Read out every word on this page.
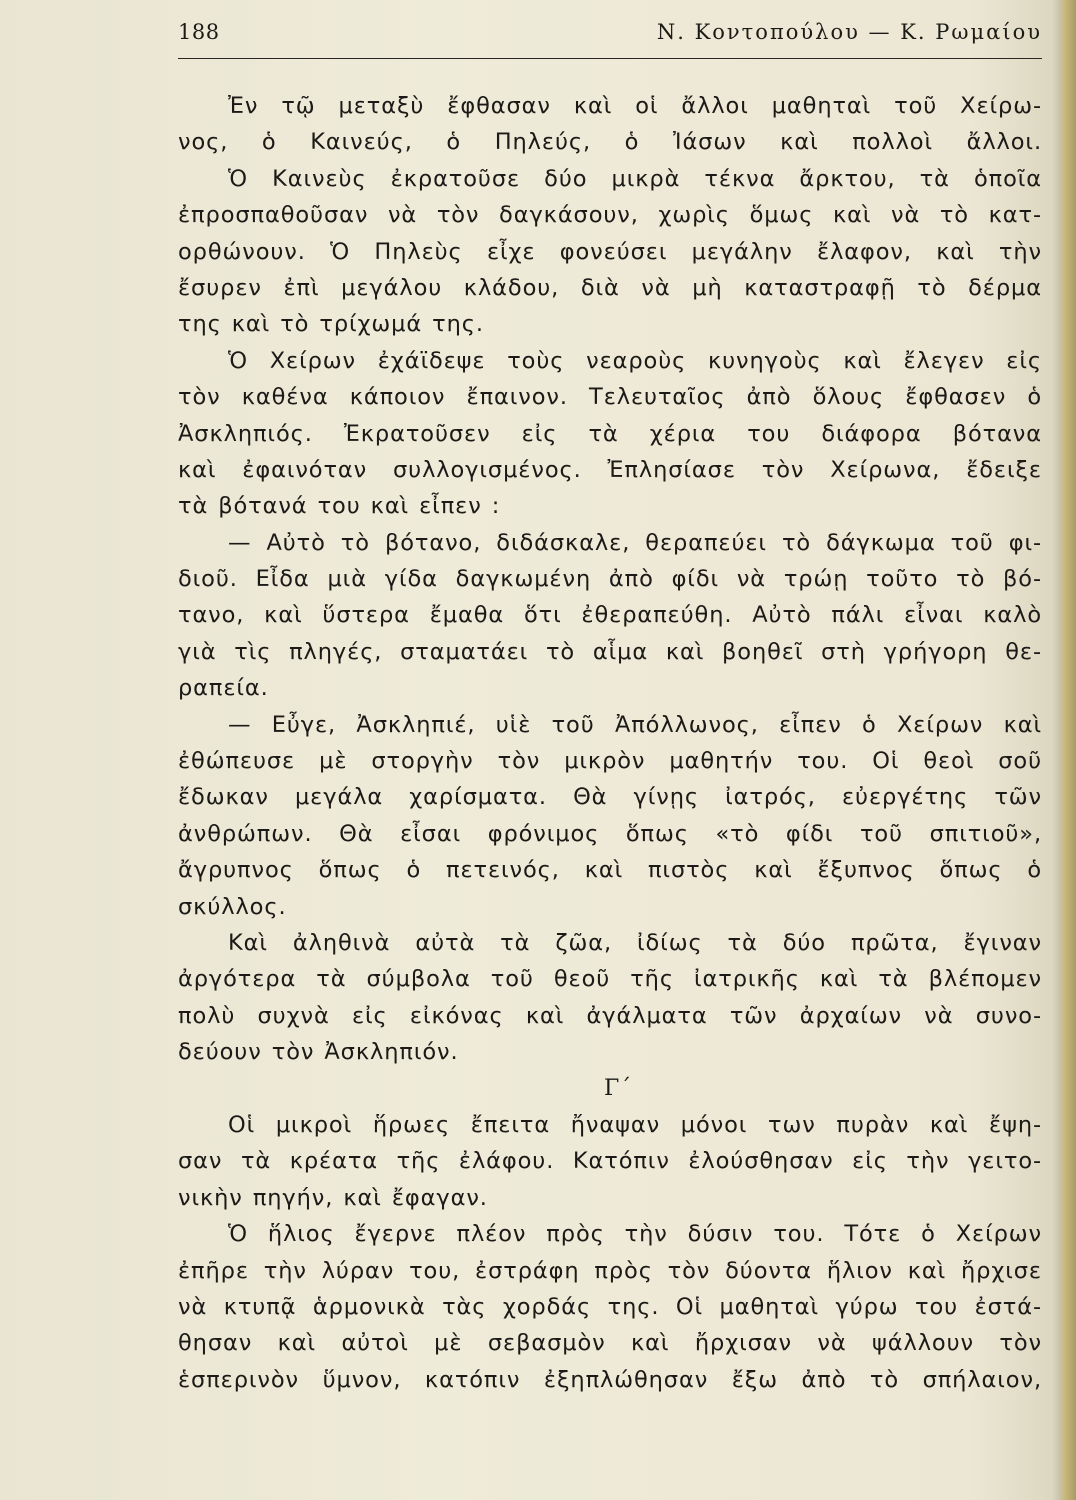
188	Ν. Κοντοπούλου — Κ. Ρωμαίου
Ἐν τῷ μεταξὺ ἔφθασαν καὶ οἱ ἄλλοι μαθηταὶ τοῦ Χείρω-
νος, ὁ Καινεύς, ὁ Πηλεύς, ὁ Ἰάσων καὶ πολλοὶ ἄλλοι.
Ὁ Καινεὺς ἐκρατοῦσε δύο μικρὰ τέκνα ἄρκτου, τὰ ὁποῖα
ἐπροσπαθοῦσαν νὰ τὸν δαγκάσουν, χωρὶς ὅμως καὶ νὰ τὸ κατ-
ορθώνουν. Ὁ Πηλεὺς εἶχε φονεύσει μεγάλην ἔλαφον, καὶ τὴν
ἔσυρεν ἐπὶ μεγάλου κλάδου, διὰ νὰ μὴ καταστραφῇ τὸ δέρμα
της καὶ τὸ τρίχωμά της.
Ὁ Χείρων ἐχάϊδεψε τοὺς νεαροὺς κυνηγοὺς καὶ ἔλεγεν εἰς
τὸν καθένα κάποιον ἔπαινον. Τελευταῖος ἀπὸ ὅλους ἔφθασεν ὁ
Ἀσκληπιός. Ἐκρατοῦσεν εἰς τὰ χέρια του διάφορα βότανα
καὶ ἐφαινόταν συλλογισμένος. Ἐπλησίασε τὸν Χείρωνα, ἔδειξε
τὰ βότανά του καὶ εἶπεν :
— Αὐτὸ τὸ βότανο, διδάσκαλε, θεραπεύει τὸ δάγκωμα τοῦ φι-
διοῦ. Εἶδα μιὰ γίδα δαγκωμένη ἀπὸ φίδι νὰ τρώῃ τοῦτο τὸ βό-
τανο, καὶ ὕστερα ἔμαθα ὅτι ἐθεραπεύθη. Αὐτὸ πάλι εἶναι καλὸ
γιὰ τὶς πληγές, σταματάει τὸ αἷμα καὶ βοηθεῖ στὴ γρήγορη θε-
ραπεία.
— Εὖγε, Ἀσκληπιέ, υἱὲ τοῦ Ἀπόλλωνος, εἶπεν ὁ Χείρων καὶ
ἐθώπευσε μὲ στοργὴν τὸν μικρὸν μαθητήν του. Οἱ θεοὶ σοῦ
ἔδωκαν μεγάλα χαρίσματα. Θὰ γίνῃς ἰατρός, εὐεργέτης τῶν
ἀνθρώπων. Θὰ εἶσαι φρόνιμος ὅπως «τὸ φίδι τοῦ σπιτιοῦ»,
ἄγρυπνος ὅπως ὁ πετεινός, καὶ πιστὸς καὶ ἔξυπνος ὅπως ὁ
σκύλλος.
Καὶ ἀληθινὰ αὐτὰ τὰ ζῶα, ἰδίως τὰ δύο πρῶτα, ἔγιναν
ἀργότερα τὰ σύμβολα τοῦ θεοῦ τῆς ἰατρικῆς καὶ τὰ βλέπομεν
πολὺ συχνὰ εἰς εἰκόνας καὶ ἀγάλματα τῶν ἀρχαίων νὰ συνο-
δεύουν τὸν Ἀσκληπιόν.
Γ΄
Οἱ μικροὶ ἥρωες ἔπειτα ἤναψαν μόνοι των πυρὰν καὶ ἔψη-
σαν τὰ κρέατα τῆς ἐλάφου. Κατόπιν ἐλούσθησαν εἰς τὴν γειτο-
νικὴν πηγήν, καὶ ἔφαγαν.
Ὁ ἥλιος ἔγερνε πλέον πρὸς τὴν δύσιν του. Τότε ὁ Χείρων
ἐπῆρε τὴν λύραν του, ἐστράφη πρὸς τὸν δύοντα ἥλιον καὶ ἤρχισε
νὰ κτυπᾷ ἁρμονικὰ τὰς χορδάς της. Οἱ μαθηταὶ γύρω του ἐστά-
θησαν καὶ αὐτοὶ μὲ σεβασμὸν καὶ ἤρχισαν νὰ ψάλλουν τὸν
ἑσπερινὸν ὕμνον, κατόπιν ἐξηπλώθησαν ἔξω ἀπὸ τὸ σπήλαιον,
